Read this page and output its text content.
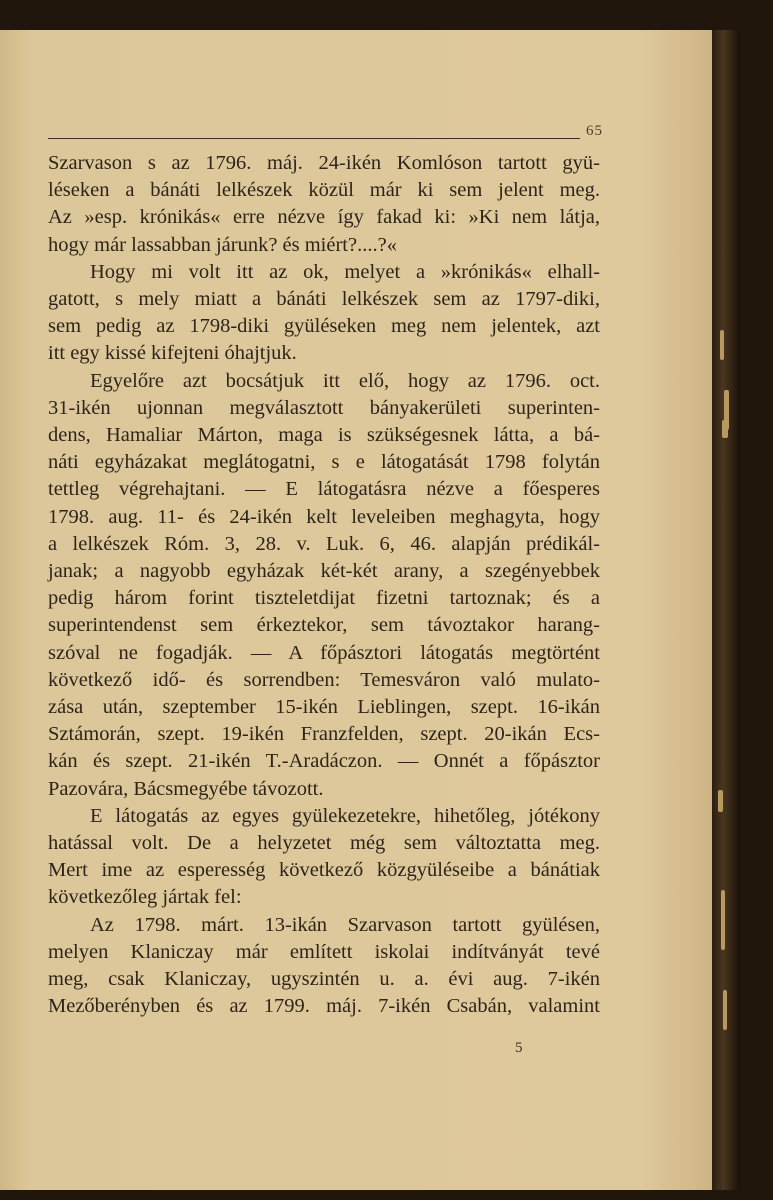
65
Szarvason s az 1796. máj. 24-ikén Komlóson tartott gyü-
léseken a bánáti lelkészek közül már ki sem jelent meg.
Az »esp. krónikás« erre nézve így fakad ki: »Ki nem látja,
hogy már lassabban járunk? és miért?....?«
Hogy mi volt itt az ok, melyet a »krónikás« elhall-
gatott, s mely miatt a bánáti lelkészek sem az 1797-diki,
sem pedig az 1798-diki gyüléseken meg nem jelentek, azt
itt egy kissé kifejteni óhajtjuk.
Egyelőre azt bocsátjuk itt elő, hogy az 1796. oct.
31-ikén ujonnan megválasztott bányakerületi superinten-
dens, Hamaliar Márton, maga is szükségesnek látta, a bá-
náti egyházakat meglátogatni, s e látogatását 1798 folytán
tettleg végrehajtani. — E látogatásra nézve a főesperes
1798. aug. 11- és 24-ikén kelt leveleiben meghagyta, hogy
a lelkészek Róm. 3, 28. v. Luk. 6, 46. alapján prédikál-
janak; a nagyobb egyházak két-két arany, a szegényebbek
pedig három forint tiszteletdijat fizetni tartoznak; és a
superintendenst sem érkeztekor, sem távoztakor harang-
szóval ne fogadják. — A főpásztori látogatás megtörtént
következő idő- és sorrendben: Temesváron való mulato-
zása után, szeptember 15-ikén Lieblingen, szept. 16-ikán
Sztámorán, szept. 19-ikén Franzfelden, szept. 20-ikán Ecs-
kán és szept. 21-ikén T.-Aradáczon. — Onnét a főpásztor
Pazovára, Bácsmegyébe távozott.
E látogatás az egyes gyülekezetekre, hihetőleg, jótékony
hatással volt. De a helyzetet még sem változtatta meg.
Mert ime az esperesség következő közgyüléseibe a bánátiak
következőleg jártak fel:
Az 1798. márt. 13-ikán Szarvason tartott gyülésen,
melyen Klaniczay már említett iskolai indítványát tevé
meg, csak Klaniczay, ugyszintén u. a. évi aug. 7-ikén
Mezőberényben és az 1799. máj. 7-ikén Csabán, valamint
5
